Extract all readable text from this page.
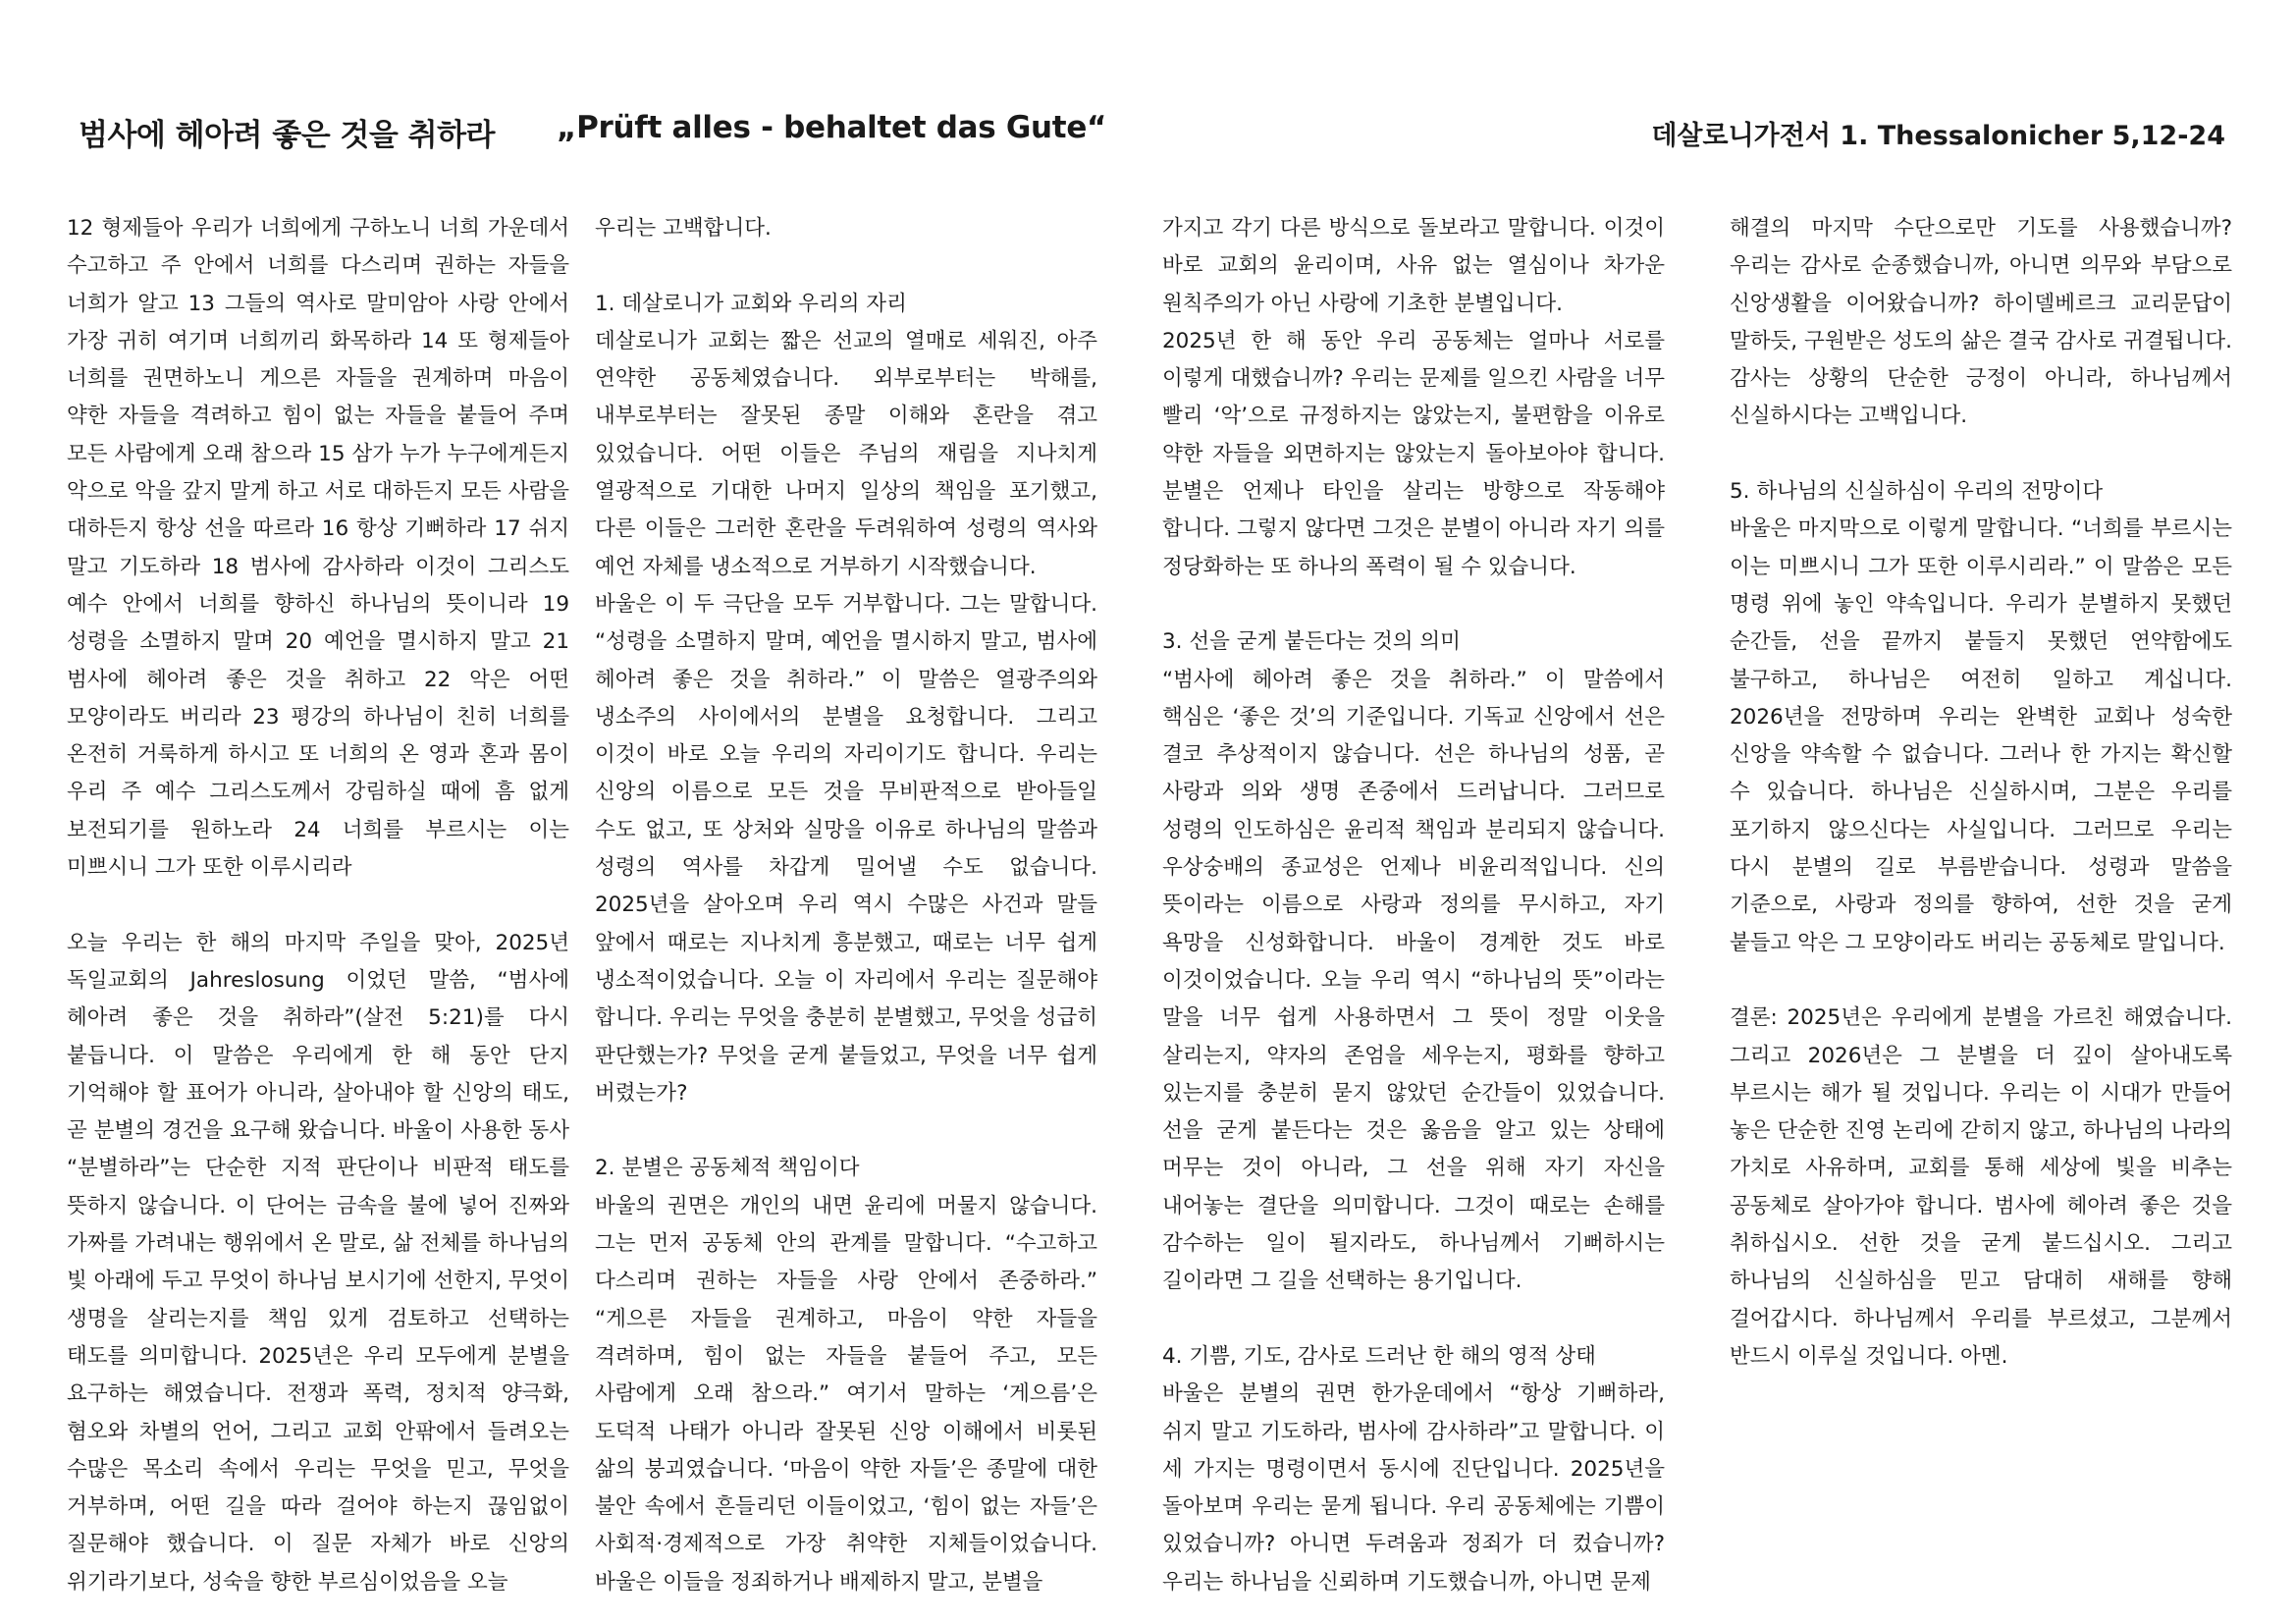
범사에 헤아려 좋은 것을 취하라 „Prüft alles - behaltet das Gute“	데살로니가전서 1. Thessalonicher 5,12-24

12 형제들아 우리가 너희에게 구하노니 너희 가운데서 수고하고 주 안에서 너희를 다스리며 권하는 자들을 너희가 알고 13 그들의 역사로 말미암아 사랑 안에서 가장 귀히 여기며 너희끼리 화목하라 14 또 형제들아 너희를 권면하노니 게으른 자들을 권계하며 마음이 약한 자들을 격려하고 힘이 없는 자들을 붙들어 주며 모든 사람에게 오래 참으라 15 삼가 누가 누구에게든지 악으로 악을 갚지 말게 하고 서로 대하든지 모든 사람을 대하든지 항상 선을 따르라 16 항상 기뻐하라 17 쉬지 말고 기도하라 18 범사에 감사하라 이것이 그리스도 예수 안에서 너희를 향하신 하나님의 뜻이니라 19 성령을 소멸하지 말며 20 예언을 멸시하지 말고 21 범사에 헤아려 좋은 것을 취하고 22 악은 어떤 모양이라도 버리라 23 평강의 하나님이 친히 너희를 온전히 거룩하게 하시고 또 너희의 온 영과 혼과 몸이 우리 주 예수 그리스도께서 강림하실 때에 흠 없게 보전되기를 원하노라 24 너희를 부르시는 이는 미쁘시니 그가 또한 이루시리라

오늘 우리는 한 해의 마지막 주일을 맞아, 2025년 독일교회의 Jahreslosung 이었던 말씀, “범사에 헤아려 좋은 것을 취하라”(살전 5:21)를 다시 붙듭니다. 이 말씀은 우리에게 한 해 동안 단지 기억해야 할 표어가 아니라, 살아내야 할 신앙의 태도, 곧 분별의 경건을 요구해 왔습니다. 바울이 사용한 동사 “분별하라”는 단순한 지적 판단이나 비판적 태도를 뜻하지 않습니다. 이 단어는 금속을 불에 넣어 진짜와 가짜를 가려내는 행위에서 온 말로, 삶 전체를 하나님의 빛 아래에 두고 무엇이 하나님 보시기에 선한지, 무엇이 생명을 살리는지를 책임 있게 검토하고 선택하는 태도를 의미합니다. 2025년은 우리 모두에게 분별을 요구하는 해였습니다. 전쟁과 폭력, 정치적 양극화, 혐오와 차별의 언어, 그리고 교회 안팎에서 들려오는 수많은 목소리 속에서 우리는 무엇을 믿고, 무엇을 거부하며, 어떤 길을 따라 걸어야 하는지 끊임없이 질문해야 했습니다. 이 질문 자체가 바로 신앙의 위기라기보다, 성숙을 향한 부르심이었음을 오늘

우리는 고백합니다.

1. 데살로니가 교회와 우리의 자리

데살로니가 교회는 짧은 선교의 열매로 세워진, 아주 연약한 공동체였습니다. 외부로부터는 박해를, 내부로부터는 잘못된 종말 이해와 혼란을 겪고 있었습니다. 어떤 이들은 주님의 재림을 지나치게 열광적으로 기대한 나머지 일상의 책임을 포기했고, 다른 이들은 그러한 혼란을 두려워하여 성령의 역사와 예언 자체를 냉소적으로 거부하기 시작했습니다.

바울은 이 두 극단을 모두 거부합니다. 그는 말합니다. “성령을 소멸하지 말며, 예언을 멸시하지 말고, 범사에 헤아려 좋은 것을 취하라.” 이 말씀은 열광주의와 냉소주의 사이에서의 분별을 요청합니다. 그리고 이것이 바로 오늘 우리의 자리이기도 합니다. 우리는 신앙의 이름으로 모든 것을 무비판적으로 받아들일 수도 없고, 또 상처와 실망을 이유로 하나님의 말씀과 성령의 역사를 차갑게 밀어낼 수도 없습니다. 2025년을 살아오며 우리 역시 수많은 사건과 말들 앞에서 때로는 지나치게 흥분했고, 때로는 너무 쉽게 냉소적이었습니다. 오늘 이 자리에서 우리는 질문해야 합니다. 우리는 무엇을 충분히 분별했고, 무엇을 성급히 판단했는가? 무엇을 굳게 붙들었고, 무엇을 너무 쉽게 버렸는가?

2. 분별은 공동체적 책임이다

바울의 권면은 개인의 내면 윤리에 머물지 않습니다. 그는 먼저 공동체 안의 관계를 말합니다. “수고하고 다스리며 권하는 자들을 사랑 안에서 존중하라.” “게으른 자들을 권계하고, 마음이 약한 자들을 격려하며, 힘이 없는 자들을 붙들어 주고, 모든 사람에게 오래 참으라.” 여기서 말하는 ‘게으름’은 도덕적 나태가 아니라 잘못된 신앙 이해에서 비롯된 삶의 붕괴였습니다. ‘마음이 약한 자들’은 종말에 대한 불안 속에서 흔들리던 이들이었고, ‘힘이 없는 자들’은 사회적·경제적으로 가장 취약한 지체들이었습니다. 바울은 이들을 정죄하거나 배제하지 말고, 분별을

가지고 각기 다른 방식으로 돌보라고 말합니다. 이것이 바로 교회의 윤리이며, 사유 없는 열심이나 차가운 원칙주의가 아닌 사랑에 기초한 분별입니다.

2025년 한 해 동안 우리 공동체는 얼마나 서로를 이렇게 대했습니까? 우리는 문제를 일으킨 사람을 너무 빨리 ‘악’으로 규정하지는 않았는지, 불편함을 이유로 약한 자들을 외면하지는 않았는지 돌아보아야 합니다. 분별은 언제나 타인을 살리는 방향으로 작동해야 합니다. 그렇지 않다면 그것은 분별이 아니라 자기 의를 정당화하는 또 하나의 폭력이 될 수 있습니다.

3. 선을 굳게 붙든다는 것의 의미

“범사에 헤아려 좋은 것을 취하라.” 이 말씀에서 핵심은 ‘좋은 것’의 기준입니다. 기독교 신앙에서 선은 결코 추상적이지 않습니다. 선은 하나님의 성품, 곧 사랑과 의와 생명 존중에서 드러납니다. 그러므로 성령의 인도하심은 윤리적 책임과 분리되지 않습니다. 우상숭배의 종교성은 언제나 비윤리적입니다. 신의 뜻이라는 이름으로 사랑과 정의를 무시하고, 자기 욕망을 신성화합니다. 바울이 경계한 것도 바로 이것이었습니다. 오늘 우리 역시 “하나님의 뜻”이라는 말을 너무 쉽게 사용하면서 그 뜻이 정말 이웃을 살리는지, 약자의 존엄을 세우는지, 평화를 향하고 있는지를 충분히 묻지 않았던 순간들이 있었습니다. 선을 굳게 붙든다는 것은 옳음을 알고 있는 상태에 머무는 것이 아니라, 그 선을 위해 자기 자신을 내어놓는 결단을 의미합니다. 그것이 때로는 손해를 감수하는 일이 될지라도, 하나님께서 기뻐하시는 길이라면 그 길을 선택하는 용기입니다.

4. 기쁨, 기도, 감사로 드러난 한 해의 영적 상태

바울은 분별의 권면 한가운데에서 “항상 기뻐하라, 쉬지 말고 기도하라, 범사에 감사하라”고 말합니다. 이 세 가지는 명령이면서 동시에 진단입니다. 2025년을 돌아보며 우리는 묻게 됩니다. 우리 공동체에는 기쁨이 있었습니까? 아니면 두려움과 정죄가 더 컸습니까? 우리는 하나님을 신뢰하며 기도했습니까, 아니면 문제

해결의 마지막 수단으로만 기도를 사용했습니까? 우리는 감사로 순종했습니까, 아니면 의무와 부담으로 신앙생활을 이어왔습니까? 하이델베르크 교리문답이 말하듯, 구원받은 성도의 삶은 결국 감사로 귀결됩니다. 감사는 상황의 단순한 긍정이 아니라, 하나님께서 신실하시다는 고백입니다.

5. 하나님의 신실하심이 우리의 전망이다

바울은 마지막으로 이렇게 말합니다. “너희를 부르시는 이는 미쁘시니 그가 또한 이루시리라.” 이 말씀은 모든 명령 위에 놓인 약속입니다. 우리가 분별하지 못했던 순간들, 선을 끝까지 붙들지 못했던 연약함에도 불구하고, 하나님은 여전히 일하고 계십니다. 2026년을 전망하며 우리는 완벽한 교회나 성숙한 신앙을 약속할 수 없습니다. 그러나 한 가지는 확신할 수 있습니다. 하나님은 신실하시며, 그분은 우리를 포기하지 않으신다는 사실입니다. 그러므로 우리는 다시 분별의 길로 부름받습니다. 성령과 말씀을 기준으로, 사랑과 정의를 향하여, 선한 것을 굳게 붙들고 악은 그 모양이라도 버리는 공동체로 말입니다.

결론: 2025년은 우리에게 분별을 가르친 해였습니다. 그리고 2026년은 그 분별을 더 깊이 살아내도록 부르시는 해가 될 것입니다. 우리는 이 시대가 만들어 놓은 단순한 진영 논리에 갇히지 않고, 하나님의 나라의 가치로 사유하며, 교회를 통해 세상에 빛을 비추는 공동체로 살아가야 합니다. 범사에 헤아려 좋은 것을 취하십시오. 선한 것을 굳게 붙드십시오. 그리고 하나님의 신실하심을 믿고 담대히 새해를 향해 걸어갑시다. 하나님께서 우리를 부르셨고, 그분께서 반드시 이루실 것입니다. 아멘.
